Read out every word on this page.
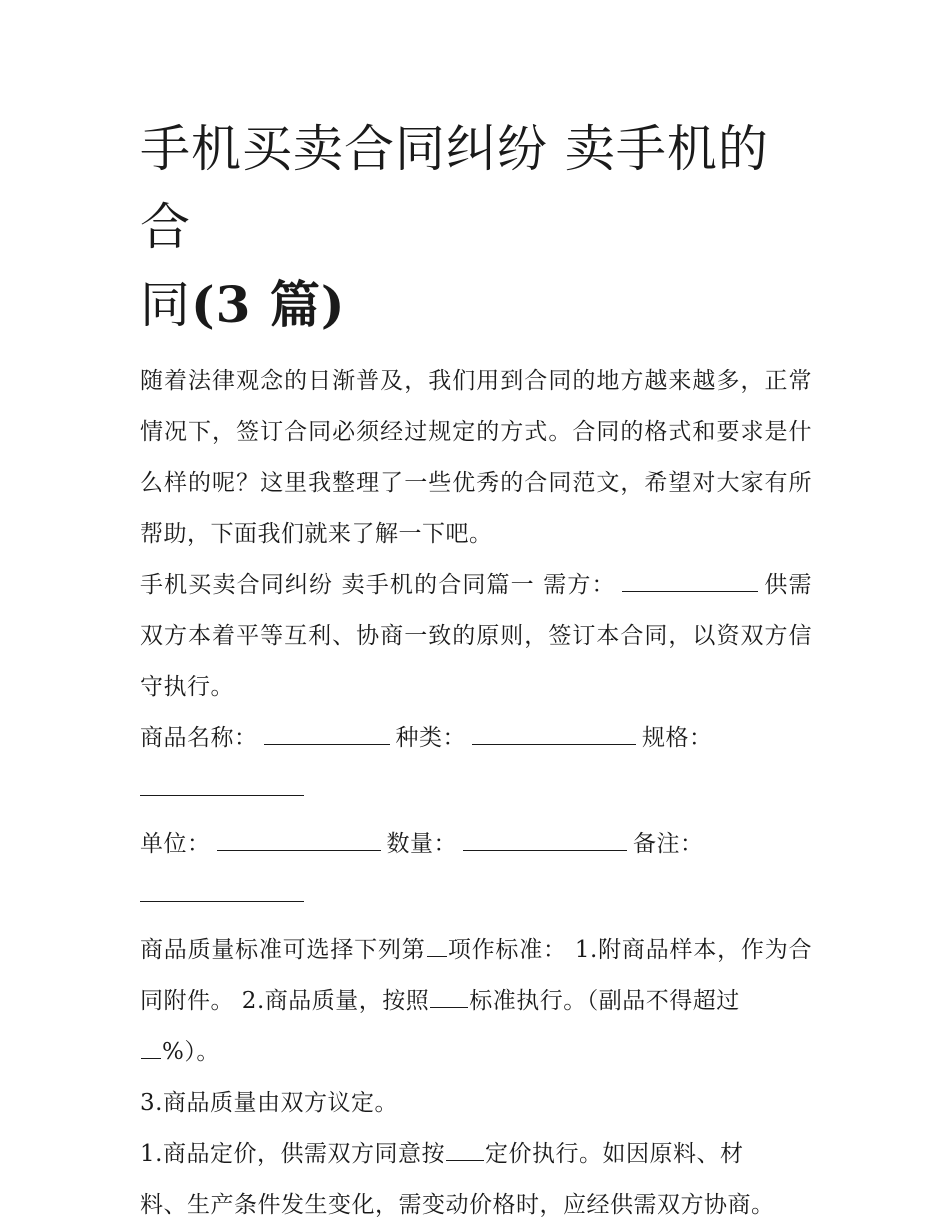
手机买卖合同纠纷 卖手机的合
同(3 篇)

随着法律观念的日渐普及，我们用到合同的地方越来越多，正常情况下，签订合同必须经过规定的方式。合同的格式和要求是什么样的呢？这里我整理了一些优秀的合同范文，希望对大家有所帮助，下面我们就来了解一下吧。

手机买卖合同纠纷 卖手机的合同篇一 需方：	供需双方本着平等互利、协商一致的原则，签订本合同，以资双方信守执行。

商品名称：	种类：	规格：

单位：	数量：	备注：

商品质量标准可选择下列第 项作标准： 1.附商品样本，作为合同附件。 2.商品质量，按照 标准执行。（副品不得超过
%）。

3.商品质量由双方议定。

1.商品定价，供需双方同意按 定价执行。如因原料、材
料、生产条件发生变化，需变动价格时，应经供需双方协商。
